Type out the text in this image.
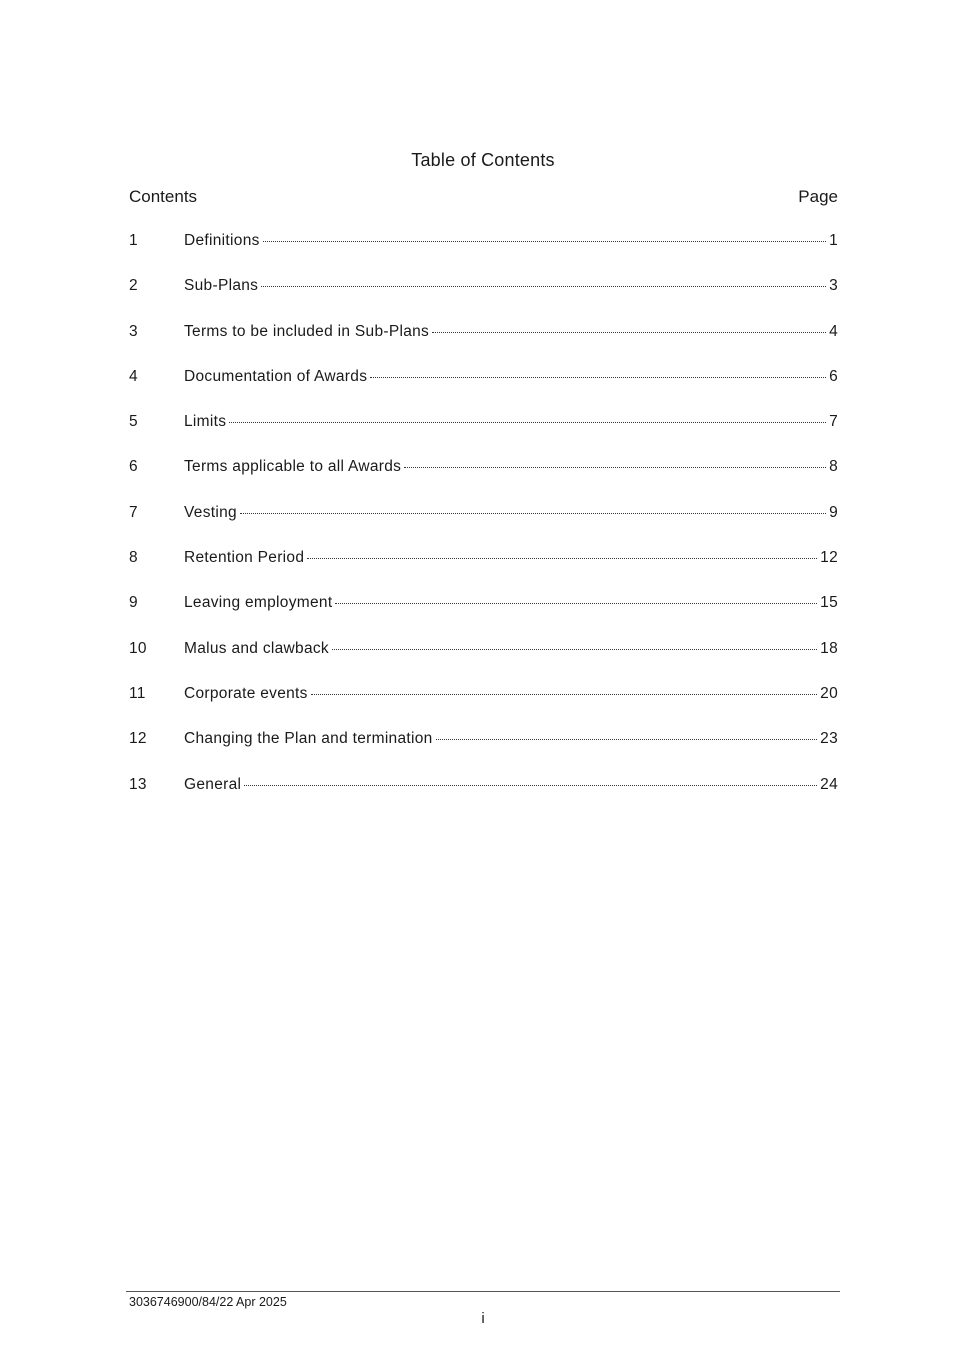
Table of Contents
Contents	Page
1	Definitions	1
2	Sub-Plans	3
3	Terms to be included in Sub-Plans	4
4	Documentation of Awards	6
5	Limits	7
6	Terms applicable to all Awards	8
7	Vesting	9
8	Retention Period	12
9	Leaving employment	15
10	Malus and clawback	18
11	Corporate events	20
12	Changing the Plan and termination	23
13	General	24
3036746900/84/22 Apr 2025
i
